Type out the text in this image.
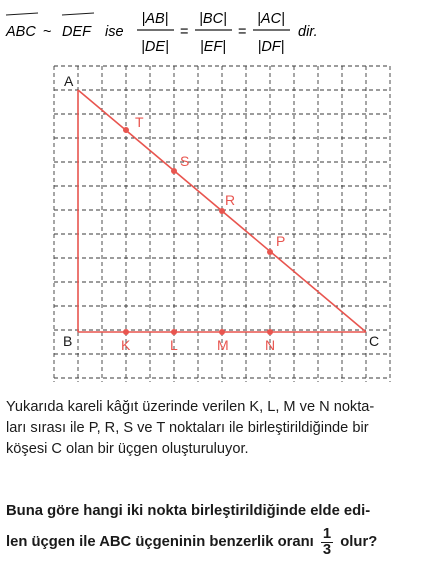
ABC ~ DEF ise
|AB|
|DE|
=
|BC|
|EF|
=
|AC|
|DF|
dir.
A
B	C
T
S
R
P
K	L	M	N
Yukarıda kareli kâğıt üzerinde verilen K, L, M ve N nokta-
ları sırası ile P, R, S ve T noktaları ile birleştirildiğinde bir
köşesi C olan bir üçgen oluşturuluyor.
Buna göre hangi iki nokta birleştirildiğinde elde edi-
len üçgen ile ABC üçgeninin benzerlik oranı $\frac{1}{3}$ olur?
